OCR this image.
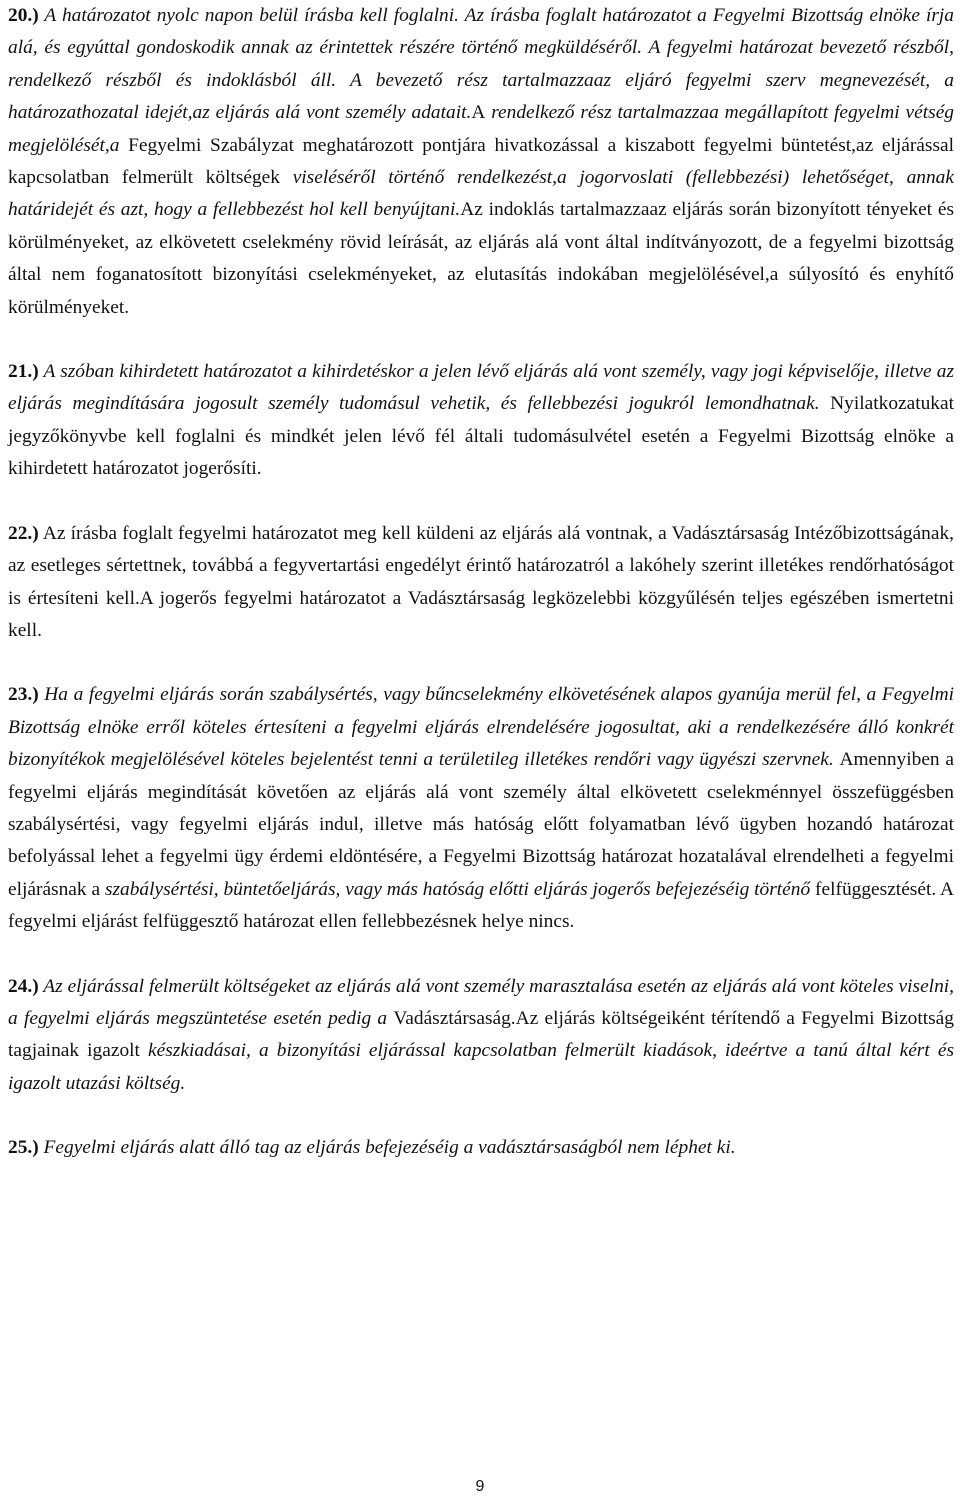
20.) A határozatot nyolc napon belül írásba kell foglalni. Az írásba foglalt határozatot a Fegyelmi Bizottság elnöke írja alá, és egyúttal gondoskodik annak az érintettek részére történő megküldéséről. A fegyelmi határozat bevezető részből, rendelkező részből és indoklásból áll. A bevezető rész tartalmazzaaz eljáró fegyelmi szerv megnevezését, a határozathozatal idejét,az eljárás alá vont személy adatait.A rendelkező rész tartalmazzaa megállapított fegyelmi vétség megjelölését,a Fegyelmi Szabályzat meghatározott pontjára hivatkozással a kiszabott fegyelmi büntetést,az eljárással kapcsolatban felmerült költségek viseléséről történő rendelkezést,a jogorvoslati (fellebbezési) lehetőséget, annak határidejét és azt, hogy a fellebbezést hol kell benyújtani.Az indoklás tartalmazzaaz eljárás során bizonyított tényeket és körülményeket, az elkövetett cselekmény rövid leírását, az eljárás alá vont által indítványozott, de a fegyelmi bizottság által nem foganatosított bizonyítási cselekményeket, az elutasítás indokában megjelölésével,a súlyosító és enyhítő körülményeket.

21.) A szóban kihirdetett határozatot a kihirdetéskor a jelen lévő eljárás alá vont személy, vagy jogi képviselője, illetve az eljárás megindítására jogosult személy tudomásul vehetik, és fellebbezési jogukról lemondhatnak. Nyilatkozatukat jegyzőkönyvbe kell foglalni és mindkét jelen lévő fél általi tudomásulvétel esetén a Fegyelmi Bizottság elnöke a kihirdetett határozatot jogerősíti.

22.) Az írásba foglalt fegyelmi határozatot meg kell küldeni az eljárás alá vontnak, a Vadásztársaság Intézőbizottságának, az esetleges sértettnek, továbbá a fegyvertartási engedélyt érintő határozatról a lakóhely szerint illetékes rendőrhatóságot is értesíteni kell.A jogerős fegyelmi határozatot a Vadásztársaság legközelebbi közgyűlésén teljes egészében ismertetni kell.

23.) Ha a fegyelmi eljárás során szabálysértés, vagy bűncselekmény elkövetésének alapos gyanúja merül fel, a Fegyelmi Bizottság elnöke erről köteles értesíteni a fegyelmi eljárás elrendelésére jogosultat, aki a rendelkezésére álló konkrét bizonyítékok megjelölésével köteles bejelentést tenni a területileg illetékes rendőri vagy ügyészi szervnek. Amennyiben a fegyelmi eljárás megindítását követően az eljárás alá vont személy által elkövetett cselekménnyel összefüggésben szabálysértési, vagy fegyelmi eljárás indul, illetve más hatóság előtt folyamatban lévő ügyben hozandó határozat befolyással lehet a fegyelmi ügy érdemi eldöntésére, a Fegyelmi Bizottság határozat hozatalával elrendelheti a fegyelmi eljárásnak a szabálysértési, büntetőeljárás, vagy más hatóság előtti eljárás jogerős befejezéséig történő felfüggesztését. A fegyelmi eljárást felfüggesztő határozat ellen fellebbezésnek helye nincs.

24.) Az eljárással felmerült költségeket az eljárás alá vont személy marasztalása esetén az eljárás alá vont köteles viselni, a fegyelmi eljárás megszüntetése esetén pedig a Vadásztársaság.Az eljárás költségeiként térítendő a Fegyelmi Bizottság tagjainak igazolt készkiadásai, a bizonyítási eljárással kapcsolatban felmerült kiadások, ideértve a tanú által kért és igazolt utazási költség.

25.) Fegyelmi eljárás alatt álló tag az eljárás befejezéséig a vadásztársaságból nem léphet ki.

9
